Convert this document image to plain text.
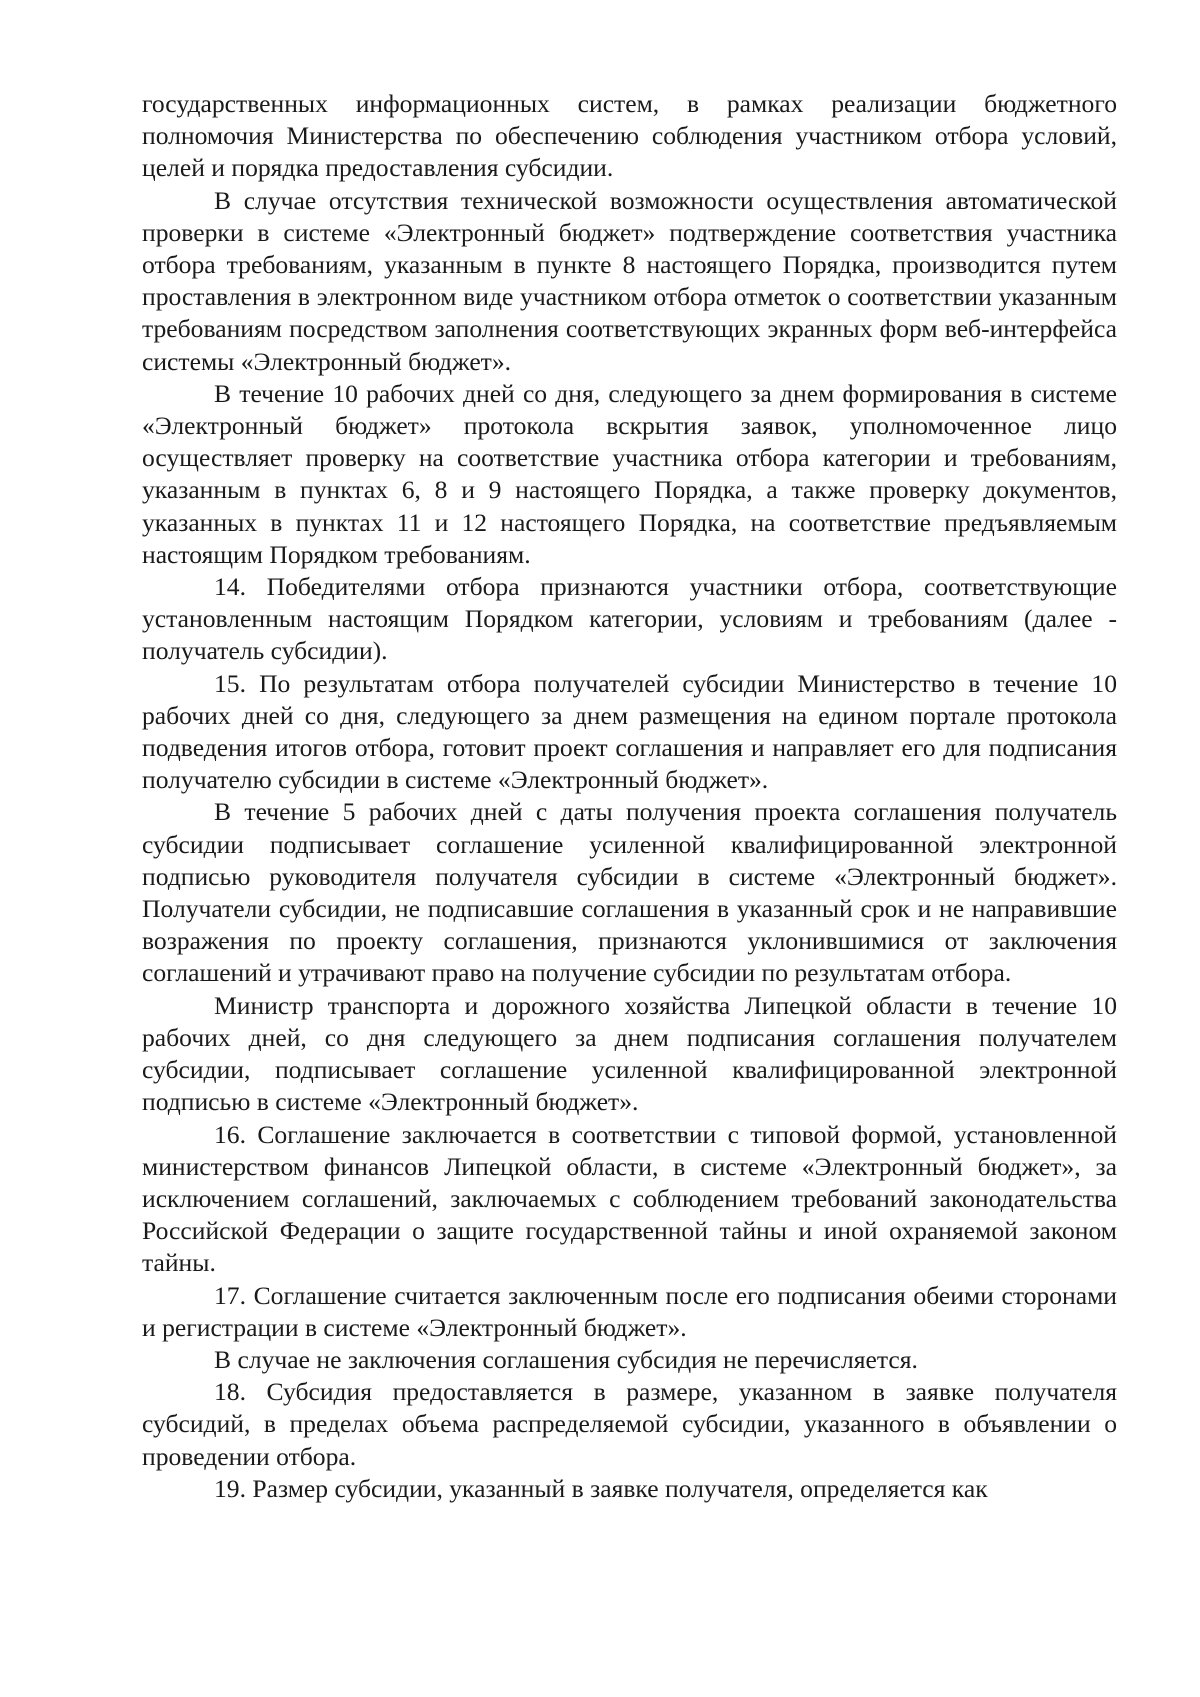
государственных информационных систем, в рамках реализации бюджетного полномочия Министерства по обеспечению соблюдения участником отбора условий, целей и порядка предоставления субсидии.

В случае отсутствия технической возможности осуществления автоматической проверки в системе «Электронный бюджет» подтверждение соответствия участника отбора требованиям, указанным в пункте 8 настоящего Порядка, производится путем проставления в электронном виде участником отбора отметок о соответствии указанным требованиям посредством заполнения соответствующих экранных форм веб-интерфейса системы «Электронный бюджет».

В течение 10 рабочих дней со дня, следующего за днем формирования в системе «Электронный бюджет» протокола вскрытия заявок, уполномоченное лицо осуществляет проверку на соответствие участника отбора категории и требованиям, указанным в пунктах 6, 8 и 9 настоящего Порядка, а также проверку документов, указанных в пунктах 11 и 12 настоящего Порядка, на соответствие предъявляемым настоящим Порядком требованиям.

14. Победителями отбора признаются участники отбора, соответствующие установленным настоящим Порядком категории, условиям и требованиям (далее - получатель субсидии).

15. По результатам отбора получателей субсидии Министерство в течение 10 рабочих дней со дня, следующего за днем размещения на едином портале протокола подведения итогов отбора, готовит проект соглашения и направляет его для подписания получателю субсидии в системе «Электронный бюджет».

В течение 5 рабочих дней с даты получения проекта соглашения получатель субсидии подписывает соглашение усиленной квалифицированной электронной подписью руководителя получателя субсидии в системе «Электронный бюджет». Получатели субсидии, не подписавшие соглашения в указанный срок и не направившие возражения по проекту соглашения, признаются уклонившимися от заключения соглашений и утрачивают право на получение субсидии по результатам отбора.

Министр транспорта и дорожного хозяйства Липецкой области в течение 10 рабочих дней, со дня следующего за днем подписания соглашения получателем субсидии, подписывает соглашение усиленной квалифицированной электронной подписью в системе «Электронный бюджет».

16. Соглашение заключается в соответствии с типовой формой, установленной министерством финансов Липецкой области, в системе «Электронный бюджет», за исключением соглашений, заключаемых с соблюдением требований законодательства Российской Федерации о защите государственной тайны и иной охраняемой законом тайны.

17. Соглашение считается заключенным после его подписания обеими сторонами и регистрации в системе «Электронный бюджет».

В случае не заключения соглашения субсидия не перечисляется.

18. Субсидия предоставляется в размере, указанном в заявке получателя субсидий, в пределах объема распределяемой субсидии, указанного в объявлении о проведении отбора.

19. Размер субсидии, указанный в заявке получателя, определяется как
